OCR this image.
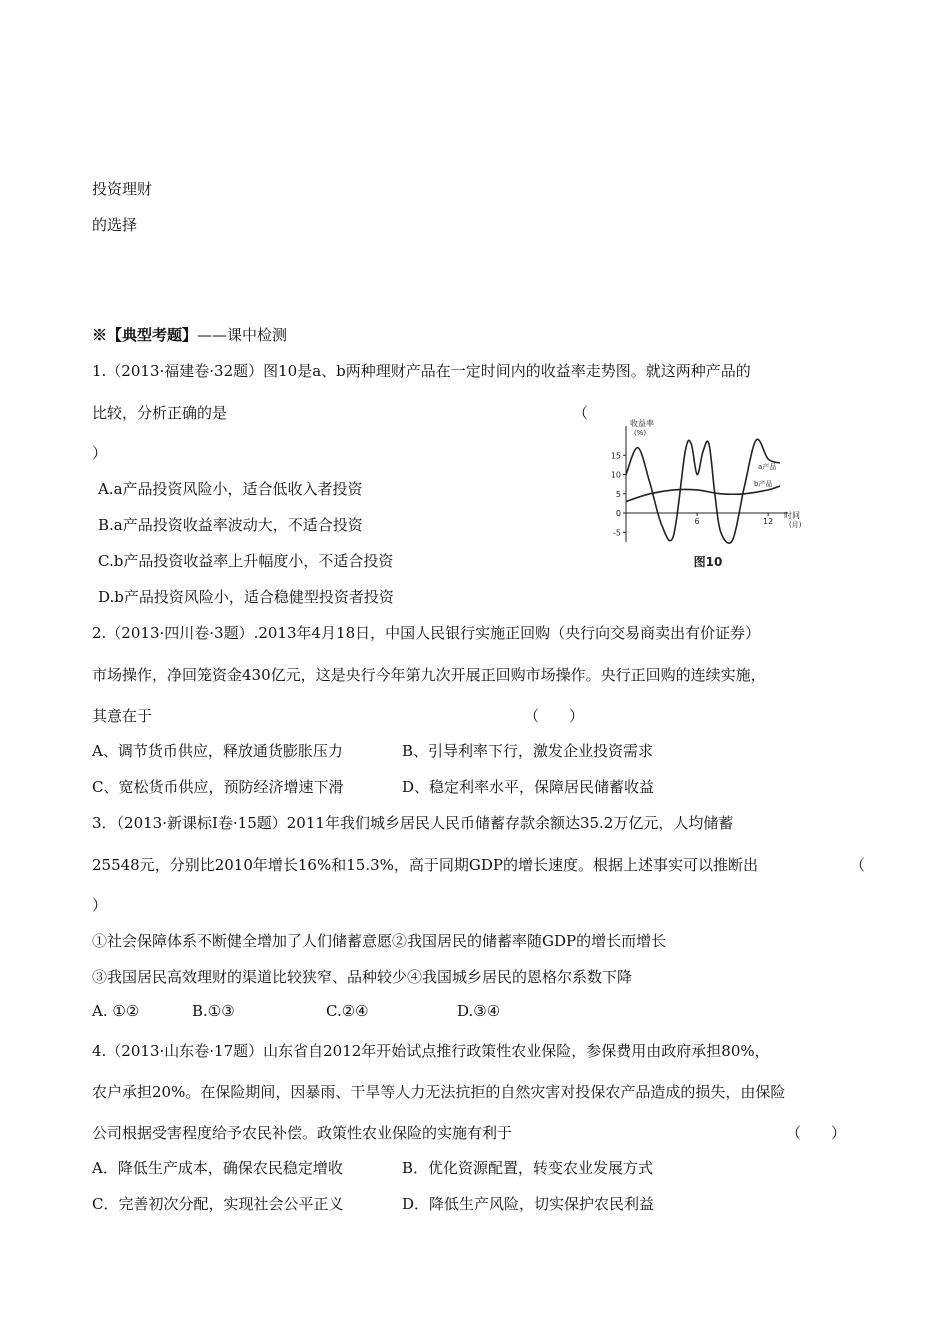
投资理财
的选择
※【典型考题】——课中检测
1.（2013·福建卷·32题）图10是a、b两种理财产品在一定时间内的收益率走势图。就这两种产品的
比较，分析正确的是	（
）
A.a产品投资风险小，适合低收入者投资
B.a产品投资收益率波动大，不适合投资
C.b产品投资收益率上升幅度小，不适合投资
D.b产品投资风险小，适合稳健型投资者投资
收益率
(%)
时间
(月)
15
10
5
0
-5
6	12
图10
a产品
b产品
2.（2013·四川卷·3题）.2013年4月18日，中国人民银行实施正回购（央行向交易商卖出有价证券）
市场操作，净回笼资金430亿元，这是央行今年第九次开展正回购市场操作。央行正回购的连续实施，
其意在于	（　　）
A、调节货币供应，释放通货膨胀压力	B、引导利率下行，激发企业投资需求
C、宽松货币供应，预防经济增速下滑	D、稳定利率水平，保障居民储蓄收益
3．（2013·新课标Ⅰ卷·15题）2011年我们城乡居民人民币储蓄存款余额达35.2万亿元，人均储蓄
25548元，分别比2010年增长16%和15.3%，高于同期GDP的增长速度。根据上述事实可以推断出	（
）
①社会保障体系不断健全增加了人们储蓄意愿②我国居民的储蓄率随GDP的增长而增长
③我国居民高效理财的渠道比较狭窄、品种较少④我国城乡居民的恩格尔系数下降
A. ①②	B.①③	C.②④	D.③④
4.（2013·山东卷·17题）山东省自2012年开始试点推行政策性农业保险，参保费用由政府承担80%，
农户承担20%。在保险期间，因暴雨、干旱等人力无法抗拒的自然灾害对投保农产品造成的损失，由保险
公司根据受害程度给予农民补偿。政策性农业保险的实施有利于	（　　）
A．降低生产成本，确保农民稳定增收	B．优化资源配置，转变农业发展方式
C．完善初次分配，实现社会公平正义	D．降低生产风险，切实保护农民利益
